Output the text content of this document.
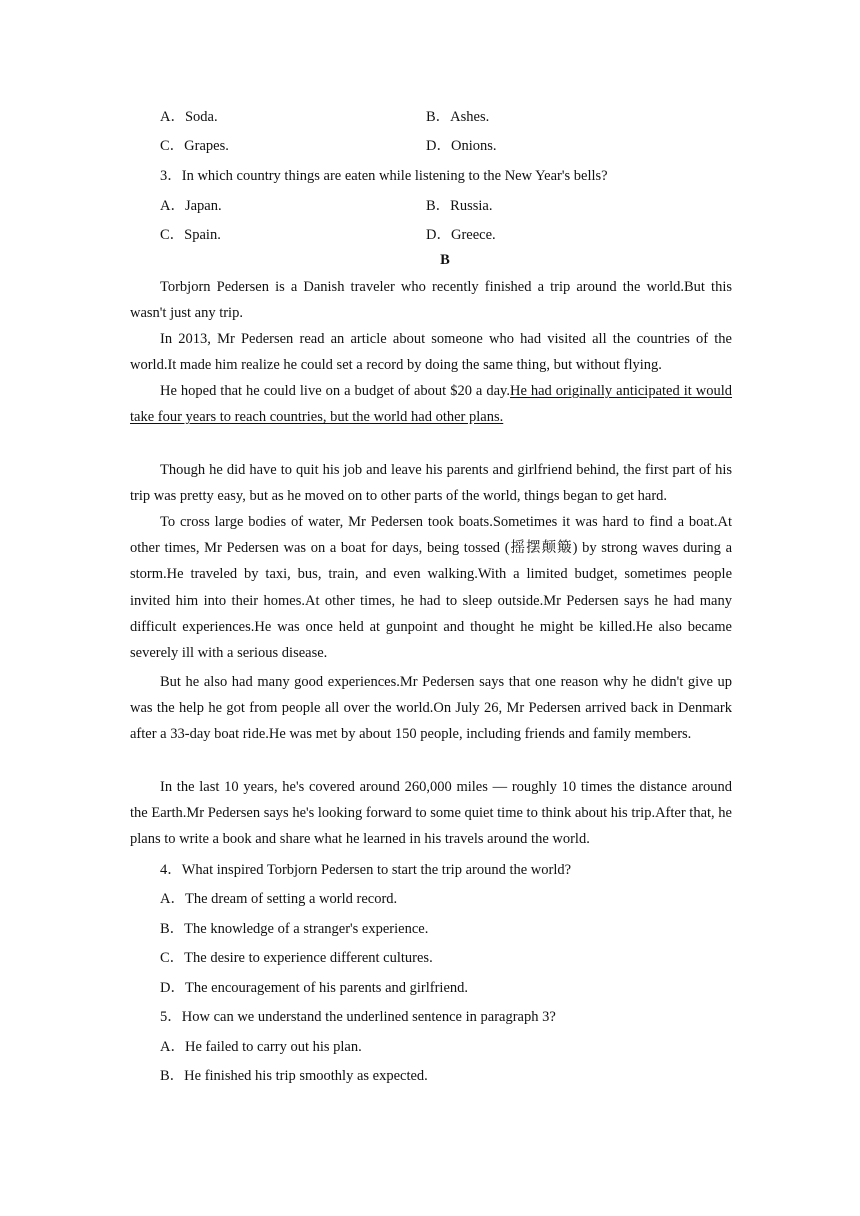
A．Soda.	B．Ashes.
C．Grapes.	D．Onions.
3．In which country things are eaten while listening to the New Year's bells?
A．Japan.	B．Russia.
C．Spain.	D．Greece.
B
Torbjorn Pedersen is a Danish traveler who recently finished a trip around the world.But this wasn't just any trip.
In 2013, Mr Pedersen read an article about someone who had visited all the countries of the world.It made him realize he could set a record by doing the same thing, but without flying.
He hoped that he could live on a budget of about $20 a day.He had originally anticipated it would take four years to reach countries, but the world had other plans.
Though he did have to quit his job and leave his parents and girlfriend behind, the first part of his trip was pretty easy, but as he moved on to other parts of the world, things began to get hard.
To cross large bodies of water, Mr Pedersen took boats.Sometimes it was hard to find a boat.At other times, Mr Pedersen was on a boat for days, being tossed (摇摆颠簸) by strong waves during a storm.He traveled by taxi, bus, train, and even walking.With a limited budget, sometimes people invited him into their homes.At other times, he had to sleep outside.Mr Pedersen says he had many difficult experiences.He was once held at gunpoint and thought he might be killed.He also became severely ill with a serious disease.
But he also had many good experiences.Mr Pedersen says that one reason why he didn't give up was the help he got from people all over the world.On July 26, Mr Pedersen arrived back in Denmark after a 33-day boat ride.He was met by about 150 people, including friends and family members.
In the last 10 years, he's covered around 260,000 miles — roughly 10 times the distance around the Earth.Mr Pedersen says he's looking forward to some quiet time to think about his trip.After that, he plans to write a book and share what he learned in his travels around the world.
4．What inspired Torbjorn Pedersen to start the trip around the world?
A．The dream of setting a world record.
B．The knowledge of a stranger's experience.
C．The desire to experience different cultures.
D．The encouragement of his parents and girlfriend.
5．How can we understand the underlined sentence in paragraph 3?
A．He failed to carry out his plan.
B．He finished his trip smoothly as expected.
